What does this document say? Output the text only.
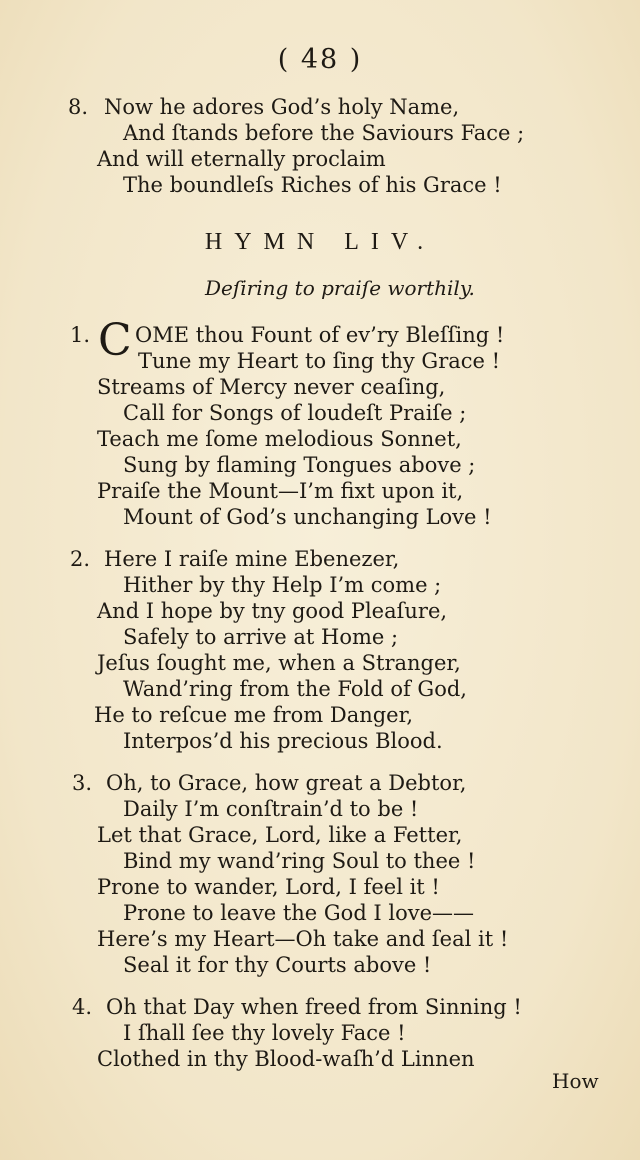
( 48 )
8. Now he adores God’s holy Name,
And ſtands before the Saviours Face ;
And will eternally proclaim
The boundleſs Riches of his Grace !
HYMN LIV.
Deſiring to praiſe worthily.
1. C OME thou Fount of ev’ry Bleſſing !
Tune my Heart to ſing thy Grace !
Streams of Mercy never ceaſing,
Call for Songs of loudeſt Praiſe ;
Teach me ſome melodious Sonnet,
Sung by flaming Tongues above ;
Praiſe the Mount—I’m fixt upon it,
Mount of God’s unchanging Love !
2. Here I raiſe mine Ebenezer,
Hither by thy Help I’m come ;
And I hope by tny good Pleaſure,
Safely to arrive at Home ;
Jeſus ſought me, when a Stranger,
Wand’ring from the Fold of God,
He to reſcue me from Danger,
Interpos’d his precious Blood.
3. Oh, to Grace, how great a Debtor,
Daily I’m conſtrain’d to be !
Let that Grace, Lord, like a Fetter,
Bind my wand’ring Soul to thee !
Prone to wander, Lord, I feel it !
Prone to leave the God I love——
Here’s my Heart—Oh take and ſeal it !
Seal it for thy Courts above !
4. Oh that Day when freed from Sinning !
I ſhall ſee thy lovely Face !
Clothed in thy Blood-waſh’d Linnen
How
